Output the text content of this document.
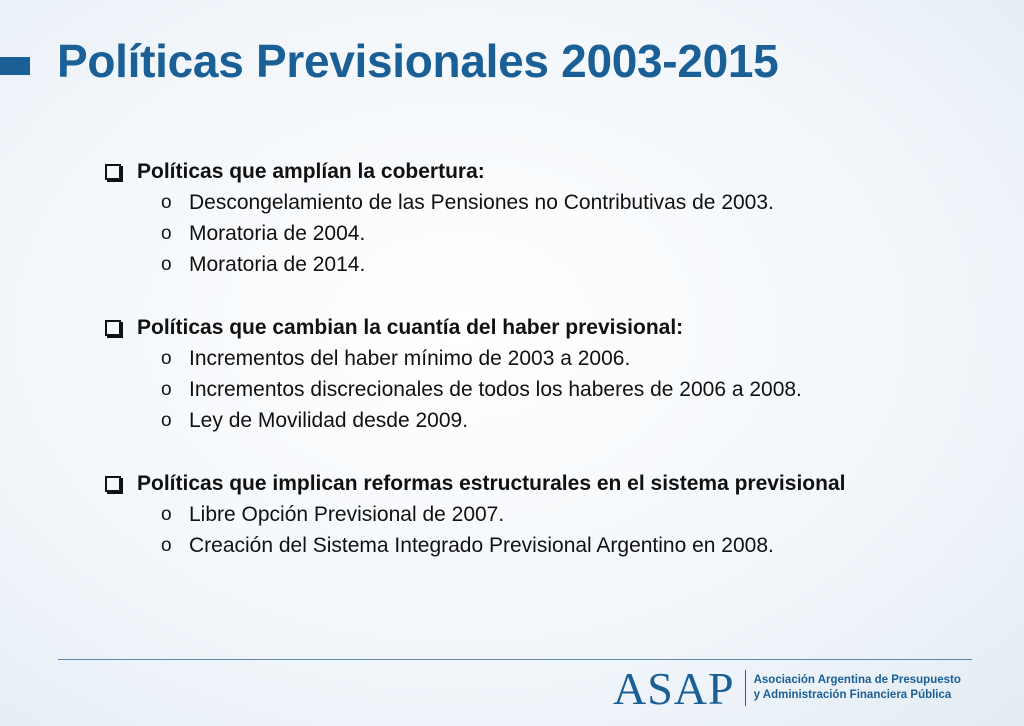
Políticas Previsionales 2003-2015
Políticas que amplían la cobertura:
o Descongelamiento de las Pensiones no Contributivas de 2003.
o Moratoria de 2004.
o Moratoria de 2014.
Políticas que cambian la cuantía del haber previsional:
o Incrementos del haber mínimo de 2003 a 2006.
o Incrementos discrecionales de todos los haberes de 2006 a 2008.
o Ley de Movilidad desde 2009.
Políticas que implican reformas estructurales en el sistema previsional
o Libre Opción Previsional de 2007.
o Creación del Sistema Integrado Previsional Argentino en 2008.
ASAP Asociación Argentina de Presupuesto
y Administración Financiera Pública
